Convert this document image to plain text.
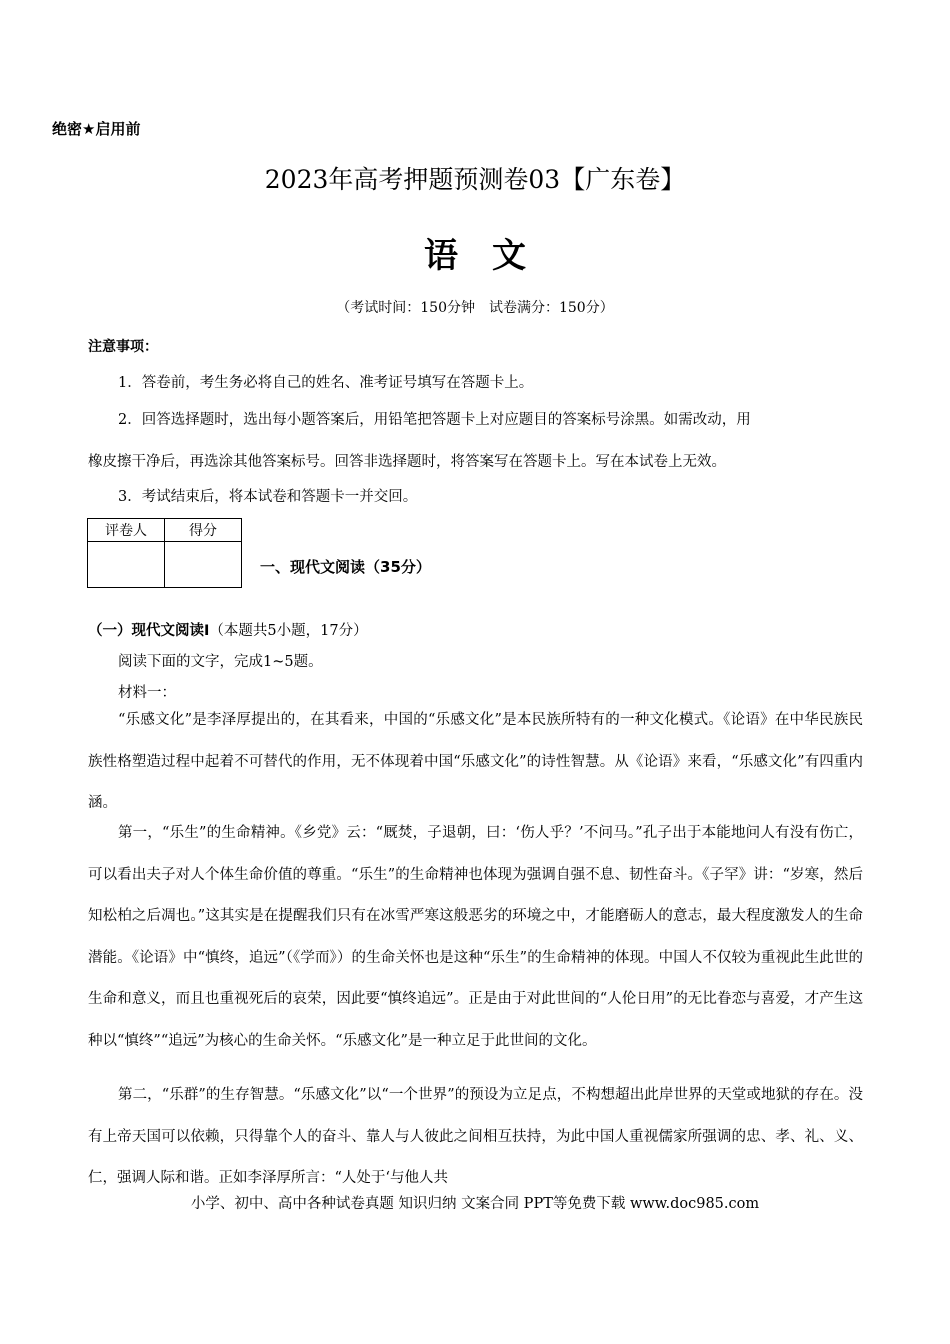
绝密★启用前
2023年高考押题预测卷03【广东卷】
语文
（考试时间：150分钟　试卷满分：150分）
注意事项：
1．答卷前，考生务必将自己的姓名、准考证号填写在答题卡上。
2．回答选择题时，选出每小题答案后，用铅笔把答题卡上对应题目的答案标号涂黑。如需改动，用
橡皮擦干净后，再选涂其他答案标号。回答非选择题时，将答案写在答题卡上。写在本试卷上无效。
3．考试结束后，将本试卷和答题卡一并交回。
评卷人	得分

一、现代文阅读（35分）
（一）现代文阅读Ⅰ（本题共5小题，17分）
阅读下面的文字，完成1~5题。
材料一：
“乐感文化”是李泽厚提出的，在其看来，中国的“乐感文化”是本民族所特有的一种文化模式。《论语》在中华民族民族性格塑造过程中起着不可替代的作用，无不体现着中国“乐感文化”的诗性智慧。从《论语》来看，“乐感文化”有四重内涵。
第一，“乐生”的生命精神。《乡党》云：“厩焚，子退朝，曰：‘伤人乎？’不问马。”孔子出于本能地问人有没有伤亡，可以看出夫子对人个体生命价值的尊重。“乐生”的生命精神也体现为强调自强不息、韧性奋斗。《子罕》讲：“岁寒，然后知松柏之后凋也。”这其实是在提醒我们只有在冰雪严寒这般恶劣的环境之中，才能磨砺人的意志，最大程度激发人的生命潜能。《论语》中“慎终，追远”（《学而》）的生命关怀也是这种“乐生”的生命精神的体现。中国人不仅较为重视此生此世的生命和意义，而且也重视死后的哀荣，因此要“慎终追远”。正是由于对此世间的“人伦日用”的无比眷恋与喜爱，才产生这种以“慎终”“追远”为核心的生命关怀。“乐感文化”是一种立足于此世间的文化。
第二，“乐群”的生存智慧。“乐感文化”以“一个世界”的预设为立足点，不构想超出此岸世界的天堂或地狱的存在。没有上帝天国可以依赖，只得靠个人的奋斗、靠人与人彼此之间相互扶持，为此中国人重视儒家所强调的忠、孝、礼、义、仁，强调人际和谐。正如李泽厚所言：“人处于‘与他人共
小学、初中、高中各种试卷真题 知识归纳 文案合同 PPT等免费下载 www.doc985.com
